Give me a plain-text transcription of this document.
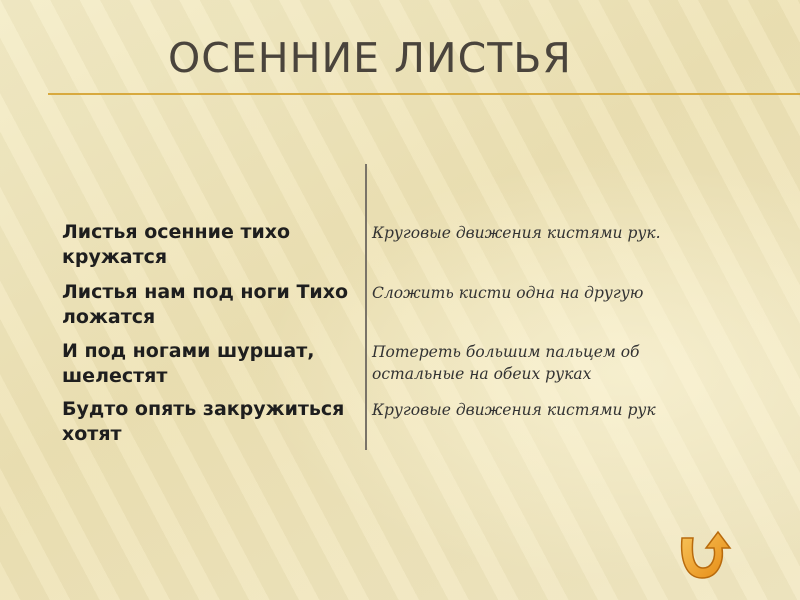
ОСЕННИЕ ЛИСТЬЯ
Листья осенние тихо кружатся
Круговые движения кистями рук.
Листья нам под ноги Тихо ложатся
Сложить кисти одна на другую
И под ногами шуршат, шелестят
Потереть большим пальцем об остальные на обеих руках
Будто опять закружиться хотят
Круговые движения кистями рук
